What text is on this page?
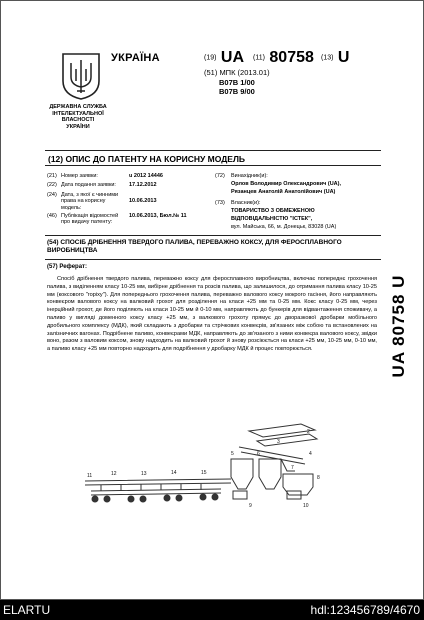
ДЕРЖАВНА СЛУЖБА
ІНТЕЛЕКТУАЛЬНОЇ
ВЛАСНОСТІ
УКРАЇНИ
УКРАЇНА	(19) UA (11) 80758 (13) U
(51) МПК (2013.01)
B07B 1/00
B07B 9/00
(12) ОПИС ДО ПАТЕНТУ НА КОРИСНУ МОДЕЛЬ
(21) Номер заявки:	u 2012 14446
(22) Дата подання заявки:	17.12.2012
(24) Дата, з якої є чинними права на корисну модель:
10.06.2013
(46) Публікація відомостей про видачу патенту:
10.06.2013, Бюл.№ 11
(72) Винахідник(и):
Орлов Володимир Олександрович (UA),
Рязанцев Анатолій Анатолійович (UA)
(73) Власник(и):
ТОВАРИСТВО З ОБМЕЖЕНОЮ
ВІДПОВІДАЛЬНІСТЮ "ІСТЕК",
вул. Майська, 66, м. Донецьк, 83028 (UA)
(54) СПОСІБ ДРІБНЕННЯ ТВЕРДОГО ПАЛИВА, ПЕРЕВАЖНО КОКСУ, ДЛЯ ФЕРОСПЛАВНОГО ВИРОБНИЦТВА
(57) Реферат:
Спосіб дрібнення твердого палива, переважно коксу для феросплавного виробництва, включає попереднє грохочення палива, з виділенням класу 10-25 мм, вибірне дрібнення та розсів палива, що залишилося, до отримання палива класу 10-25 мм (коксового "горіху"). Для попереднього грохочення палива, переважно валового коксу мокрого гасіння, його направляють конвеєром валового коксу на валковий грохот для розділення на класи +25 мм та 0-25 мм. Кокс класу 0-25 мм, через інерційний грохот, де його поділяють на класи 10-25 мм й 0-10 мм, направляють до бункерів для відвантаження споживачу, а паливо у вигляді доменного коксу класу +25 мм, з валкового грохоту прямує до дворазкової дробарки мобільного дробильного комплексу (МДК), який складають з дробарки та стрічкових конвеєрів, зв'язаних між собою та встановлених на залізничних вагонах. Подрібнене паливо, конвеєрами МДК, направляють до зв'язаного з ними конвеєра валового коксу, звідки воно, разом з валовим коксом, знову надходить на валковий грохот й знову розсіюється на класи +25 мм, 10-25 мм, 0-10 мм, а паливо класу +25 мм повторно надходить для подрібнення у дробарку МДК й процес повторюється.	UA 80758 U
2
3
4
5	6
7
8
9	10
11	12	13	14	15
ELARTU	hdl:123456789/4670
